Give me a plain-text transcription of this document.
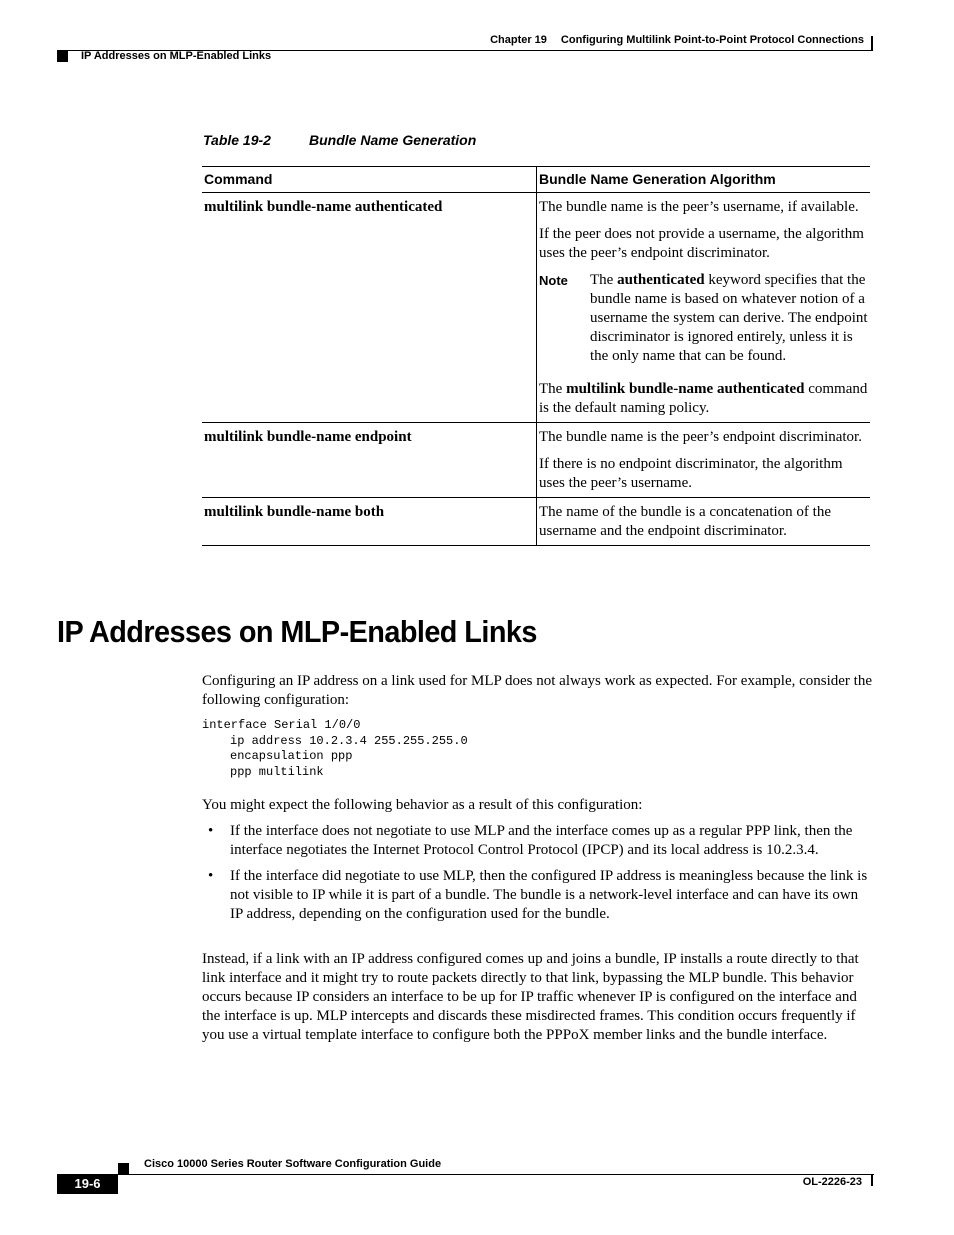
Chapter 19 Configuring Multilink Point-to-Point Protocol Connections
IP Addresses on MLP-Enabled Links
Table 19-2	Bundle Name Generation
Command	Bundle Name Generation Algorithm
multilink bundle-name authenticated	The bundle name is the peer’s username, if available.

If the peer does not provide a username, the algorithm uses the peer’s endpoint discriminator.

Note The authenticated keyword specifies that the bundle name is based on whatever notion of a username the system can derive. The endpoint discriminator is ignored entirely, unless it is the only name that can be found.

The multilink bundle-name authenticated command is the default naming policy.

multilink bundle-name endpoint	The bundle name is the peer’s endpoint discriminator.

If there is no endpoint discriminator, the algorithm uses the peer’s username.

multilink bundle-name both	The name of the bundle is a concatenation of the username and the endpoint discriminator.

IP Addresses on MLP-Enabled Links

Configuring an IP address on a link used for MLP does not always work as expected. For example, consider the following configuration:

interface Serial 1/0/0
ip address 10.2.3.4 255.255.255.0
encapsulation ppp
ppp multilink

You might expect the following behavior as a result of this configuration:

•	If the interface does not negotiate to use MLP and the interface comes up as a regular PPP link, then the interface negotiates the Internet Protocol Control Protocol (IPCP) and its local address is 10.2.3.4.
•	If the interface did negotiate to use MLP, then the configured IP address is meaningless because the link is not visible to IP while it is part of a bundle. The bundle is a network-level interface and can have its own IP address, depending on the configuration used for the bundle.

Instead, if a link with an IP address configured comes up and joins a bundle, IP installs a route directly to that link interface and it might try to route packets directly to that link, bypassing the MLP bundle. This behavior occurs because IP considers an interface to be up for IP traffic whenever IP is configured on the interface and the interface is up. MLP intercepts and discards these misdirected frames. This condition occurs frequently if you use a virtual template interface to configure both the PPPoX member links and the bundle interface.

Cisco 10000 Series Router Software Configuration Guide
19-6	OL-2226-23
